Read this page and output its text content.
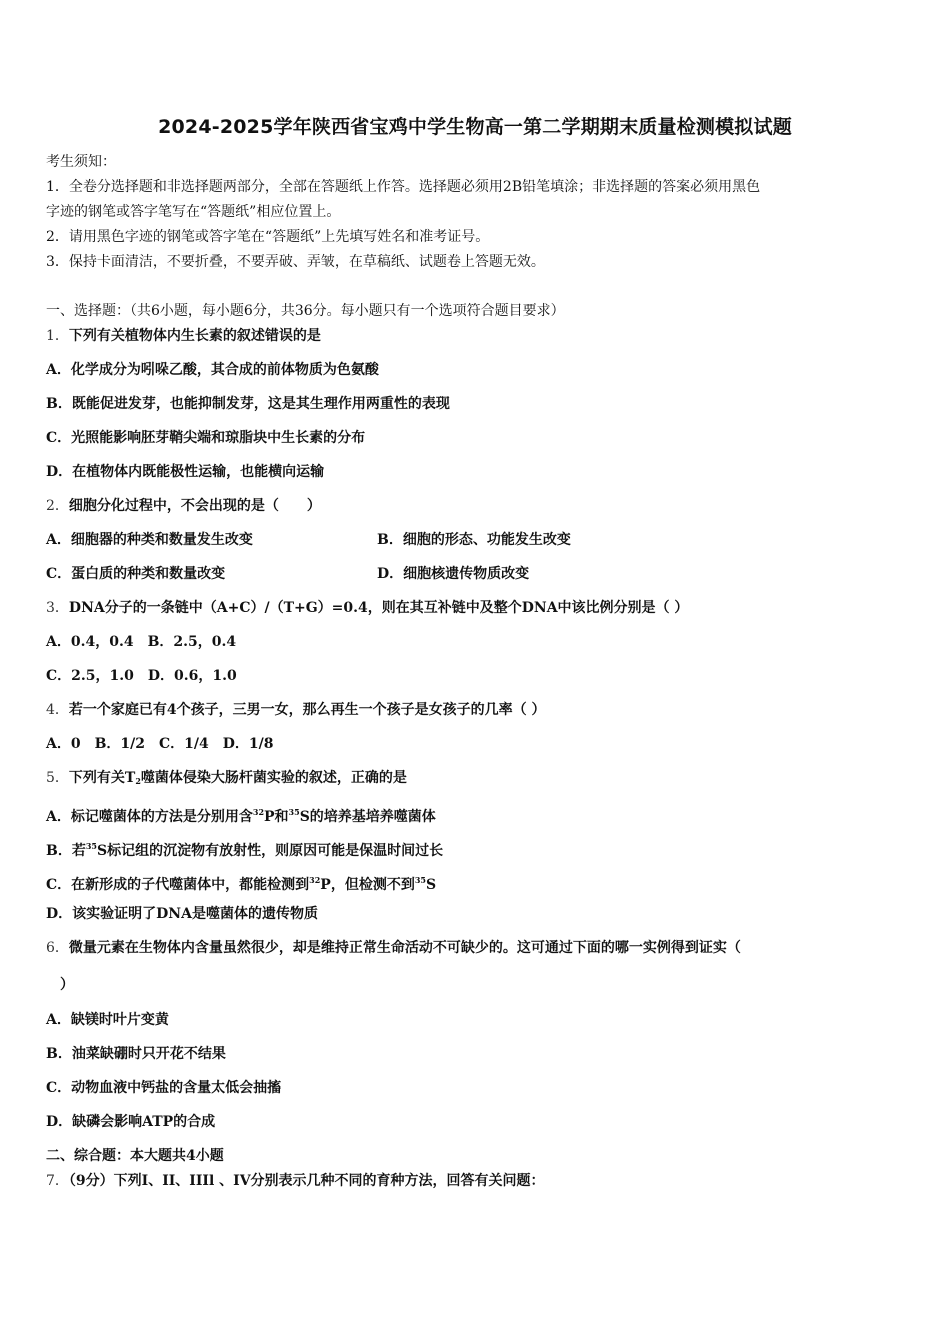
2024-2025学年陕西省宝鸡中学生物高一第二学期期末质量检测模拟试题
考生须知：
1．全卷分选择题和非选择题两部分，全部在答题纸上作答。选择题必须用2B铅笔填涂；非选择题的答案必须用黑色
字迹的钢笔或答字笔写在“答题纸”相应位置上。
2．请用黑色字迹的钢笔或答字笔在“答题纸”上先填写姓名和准考证号。
3．保持卡面清洁，不要折叠，不要弄破、弄皱，在草稿纸、试题卷上答题无效。
一、选择题：（共6小题，每小题6分，共36分。每小题只有一个选项符合题目要求）
1．下列有关植物体内生长素的叙述错误的是
A．化学成分为吲哚乙酸，其合成的前体物质为色氨酸
B．既能促进发芽，也能抑制发芽，这是其生理作用两重性的表现
C．光照能影响胚芽鞘尖端和琼脂块中生长素的分布
D．在植物体内既能极性运输，也能横向运输
2．细胞分化过程中，不会出现的是（　　）
A．细胞器的种类和数量发生改变	B．细胞的形态、功能发生改变
C．蛋白质的种类和数量改变	D．细胞核遗传物质改变
3．DNA分子的一条链中（A+C）/（T+G）=0.4，则在其互补链中及整个DNA中该比例分别是（ ）
A．0.4，0.4　B．2.5，0.4
C．2.5，1.0　D．0.6，1.0
4．若一个家庭已有4个孩子，三男一女，那么再生一个孩子是女孩子的几率（ ）
A．0　B．1/2　C．1/4　D．1/8
5．下列有关$T_2$噬菌体侵染大肠杆菌实验的叙述，正确的是
A．标记噬菌体的方法是分别用含$^{32}$P和$^{35}$S的培养基培养噬菌体
B．若$^{35}$S标记组的沉淀物有放射性，则原因可能是保温时间过长
C．在新形成的子代噬菌体中，都能检测到$^{32}$P，但检测不到$^{35}$S
D．该实验证明了DNA是噬菌体的遗传物质
6．微量元素在生物体内含量虽然很少，却是维持正常生命活动不可缺少的。这可通过下面的哪一实例得到证实（
　）
A．缺镁时叶片变黄
B．油菜缺硼时只开花不结果
C．动物血液中钙盐的含量太低会抽搐
D．缺磷会影响ATP的合成
二、综合题：本大题共4小题
7．（9分）下列I、II、IIIl 、IV分别表示几种不同的育种方法，回答有关问题：
